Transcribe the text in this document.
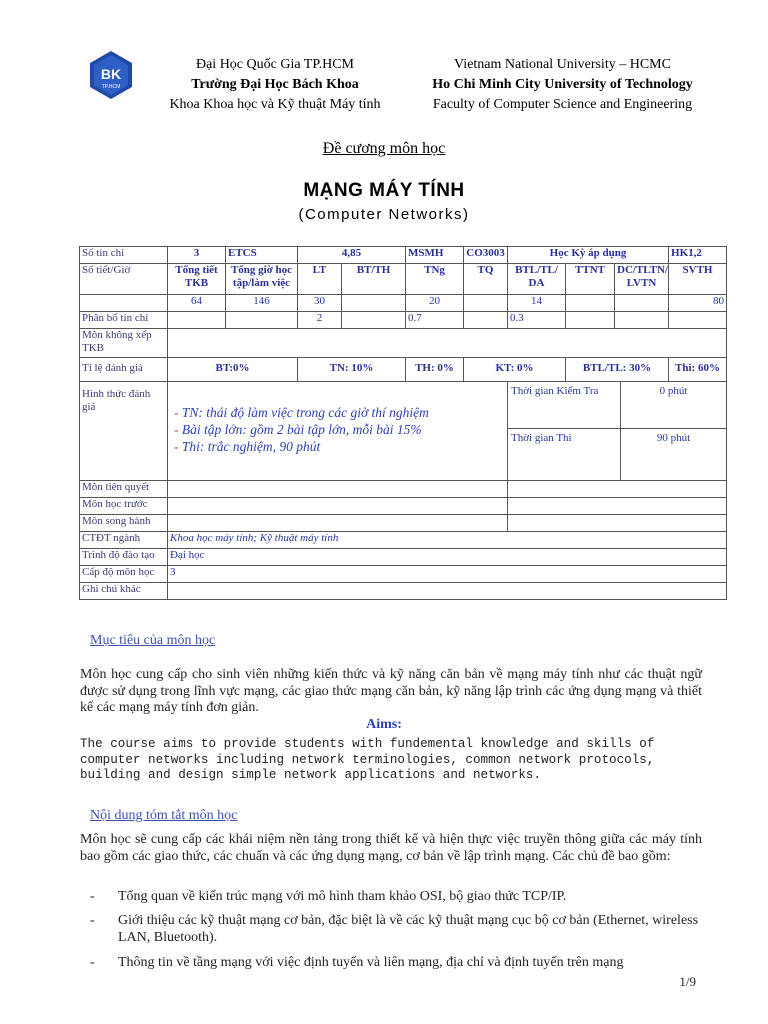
BK
TP.HCM
Đại Học Quốc Gia TP.HCM
Trường Đại Học Bách Khoa
Khoa Khoa học và Kỹ thuật Máy tính
Vietnam National University – HCMC
Ho Chi Minh City University of Technology
Faculty of Computer Science and Engineering
Đề cương môn học
MẠNG MÁY TÍNH
(Computer Networks)
Số tín chỉ	3	ETCS	4,85	MSMH	CO3003	Học Kỳ áp dụng	HK1,2
Số tiết/Giờ	Tổng tiết TKB	Tổng giờ học tập/làm việc	LT	BT/TH	TNg	TQ	BTL/TL/ DA	TTNT	DC/TLTN/ LVTN	SVTH
	64	146	30		20		14			80
Phân bổ tín chỉ			2		0.7		0.3			
Môn không xếp TKB	
Tỉ lệ đánh giá	BT:0%	TN: 10%	TH: 0%	KT: 0%	BTL/TL: 30%	Thi: 60%
Hình thức đánh giá	
-TN: thái độ làm việc trong các giờ thí nghiệm
- Bài tập lớn: gồm 2 bài tập lớn, mỗi bài 15%
- Thi: trắc nghiệm, 90 phút

Thời gian Kiểm Tra	0 phút
Thời gian Thi	90 phút

Môn tiên quyết		
Môn học trước		
Môn song hành		
CTĐT ngành	Khoa học máy tính; Kỹ thuật máy tính
Trình độ đào tạo	Đại học
Cấp độ môn học	3
Ghi chú khác	
Mục tiêu của môn học
Môn học cung cấp cho sinh viên những kiến thức và kỹ năng căn bản về mạng máy tính như các thuật ngữ được sử dụng trong lĩnh vực mạng, các giao thức mạng căn bản, kỹ năng lập trình các ứng dụng mạng và thiết kế các mạng máy tính đơn giản.
Aims:
The course aims to provide students with fundemental knowledge and skills of computer networks including network terminologies, common network protocols, building and design simple network applications and networks.
Nội dung tóm tắt môn học
Môn học sẽ cung cấp các khái niệm nền tảng trong thiết kế và hiện thực việc truyền thông giữa các máy tính bao gồm các giao thức, các chuẩn và các ứng dụng mạng, cơ bản về lập trình mạng. Các chủ đề bao gồm:
- Tổng quan về kiến trúc mạng với mô hình tham khảo OSI, bộ giao thức TCP/IP.
- Giới thiệu các kỹ thuật mạng cơ bản, đặc biệt là về các kỹ thuật mạng cục bộ cơ bản (Ethernet, wireless LAN, Bluetooth).
- Thông tin về tầng mạng với việc định tuyến và liên mạng, địa chỉ và định tuyến trên mạng
1/9
